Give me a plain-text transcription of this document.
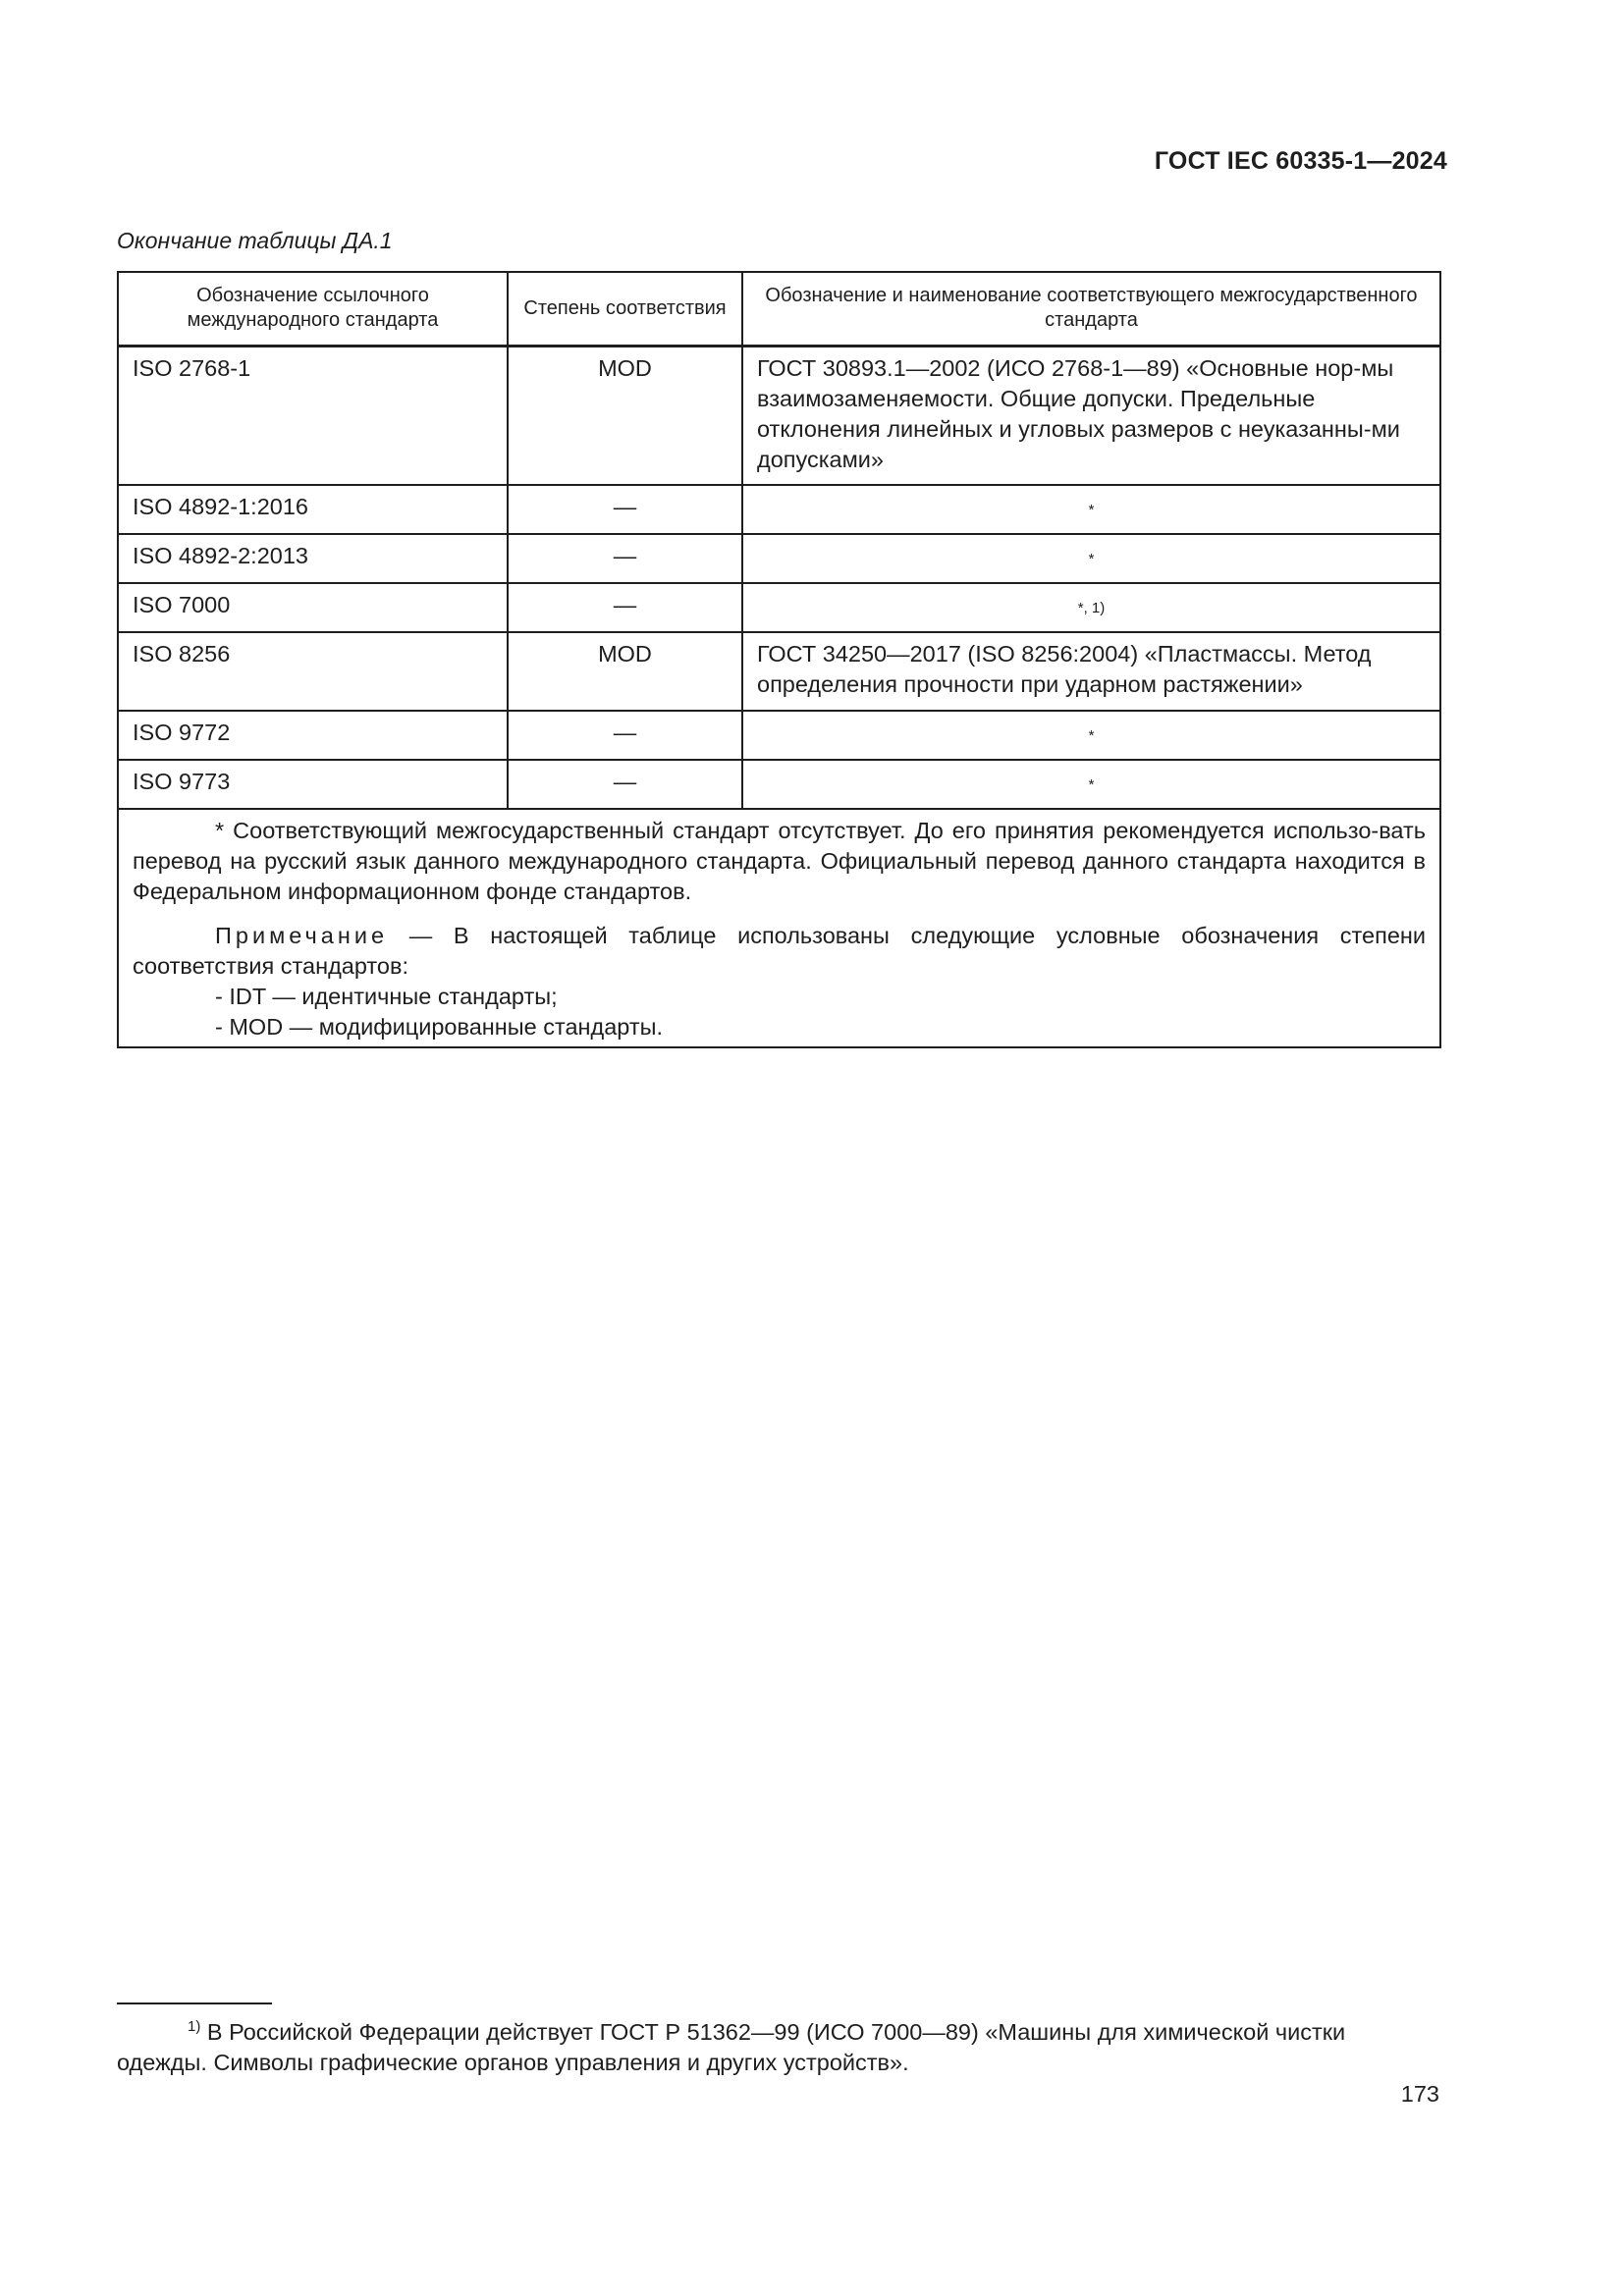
ГОСТ IEC 60335-1—2024
Окончание таблицы ДА.1
Обозначение ссылочного международного стандарта	Степень соответствия	Обозначение и наименование соответствующего межгосударственного стандарта
ISO 2768-1	MOD	ГОСТ 30893.1—2002 (ИСО 2768-1—89) «Основные нор-мы взаимозаменяемости. Общие допуски. Предельные отклонения линейных и угловых размеров с неуказанны-ми допусками»
ISO 4892-1:2016	—	*
ISO 4892-2:2013	—	*
ISO 7000	—	*, 1)
ISO 8256	MOD	ГОСТ 34250—2017 (ISO 8256:2004) «Пластмассы. Метод определения прочности при ударном растяжении»
ISO 9772	—	*
ISO 9773	—	*

* Соответствующий межгосударственный стандарт отсутствует. До его принятия рекомендуется использо-вать перевод на русский язык данного международного стандарта. Официальный перевод данного стандарта находится в Федеральном информационном фонде стандартов.

Примечание — В настоящей таблице использованы следующие условные обозначения степени соответствия стандартов:

- IDT — идентичные стандарты;
- MOD — модифицированные стандарты.		
$^{1)}$ В Российской Федерации действует ГОСТ Р 51362—99 (ИСО 7000—89) «Машины для химической чистки одежды. Символы графические органов управления и других устройств».
173
